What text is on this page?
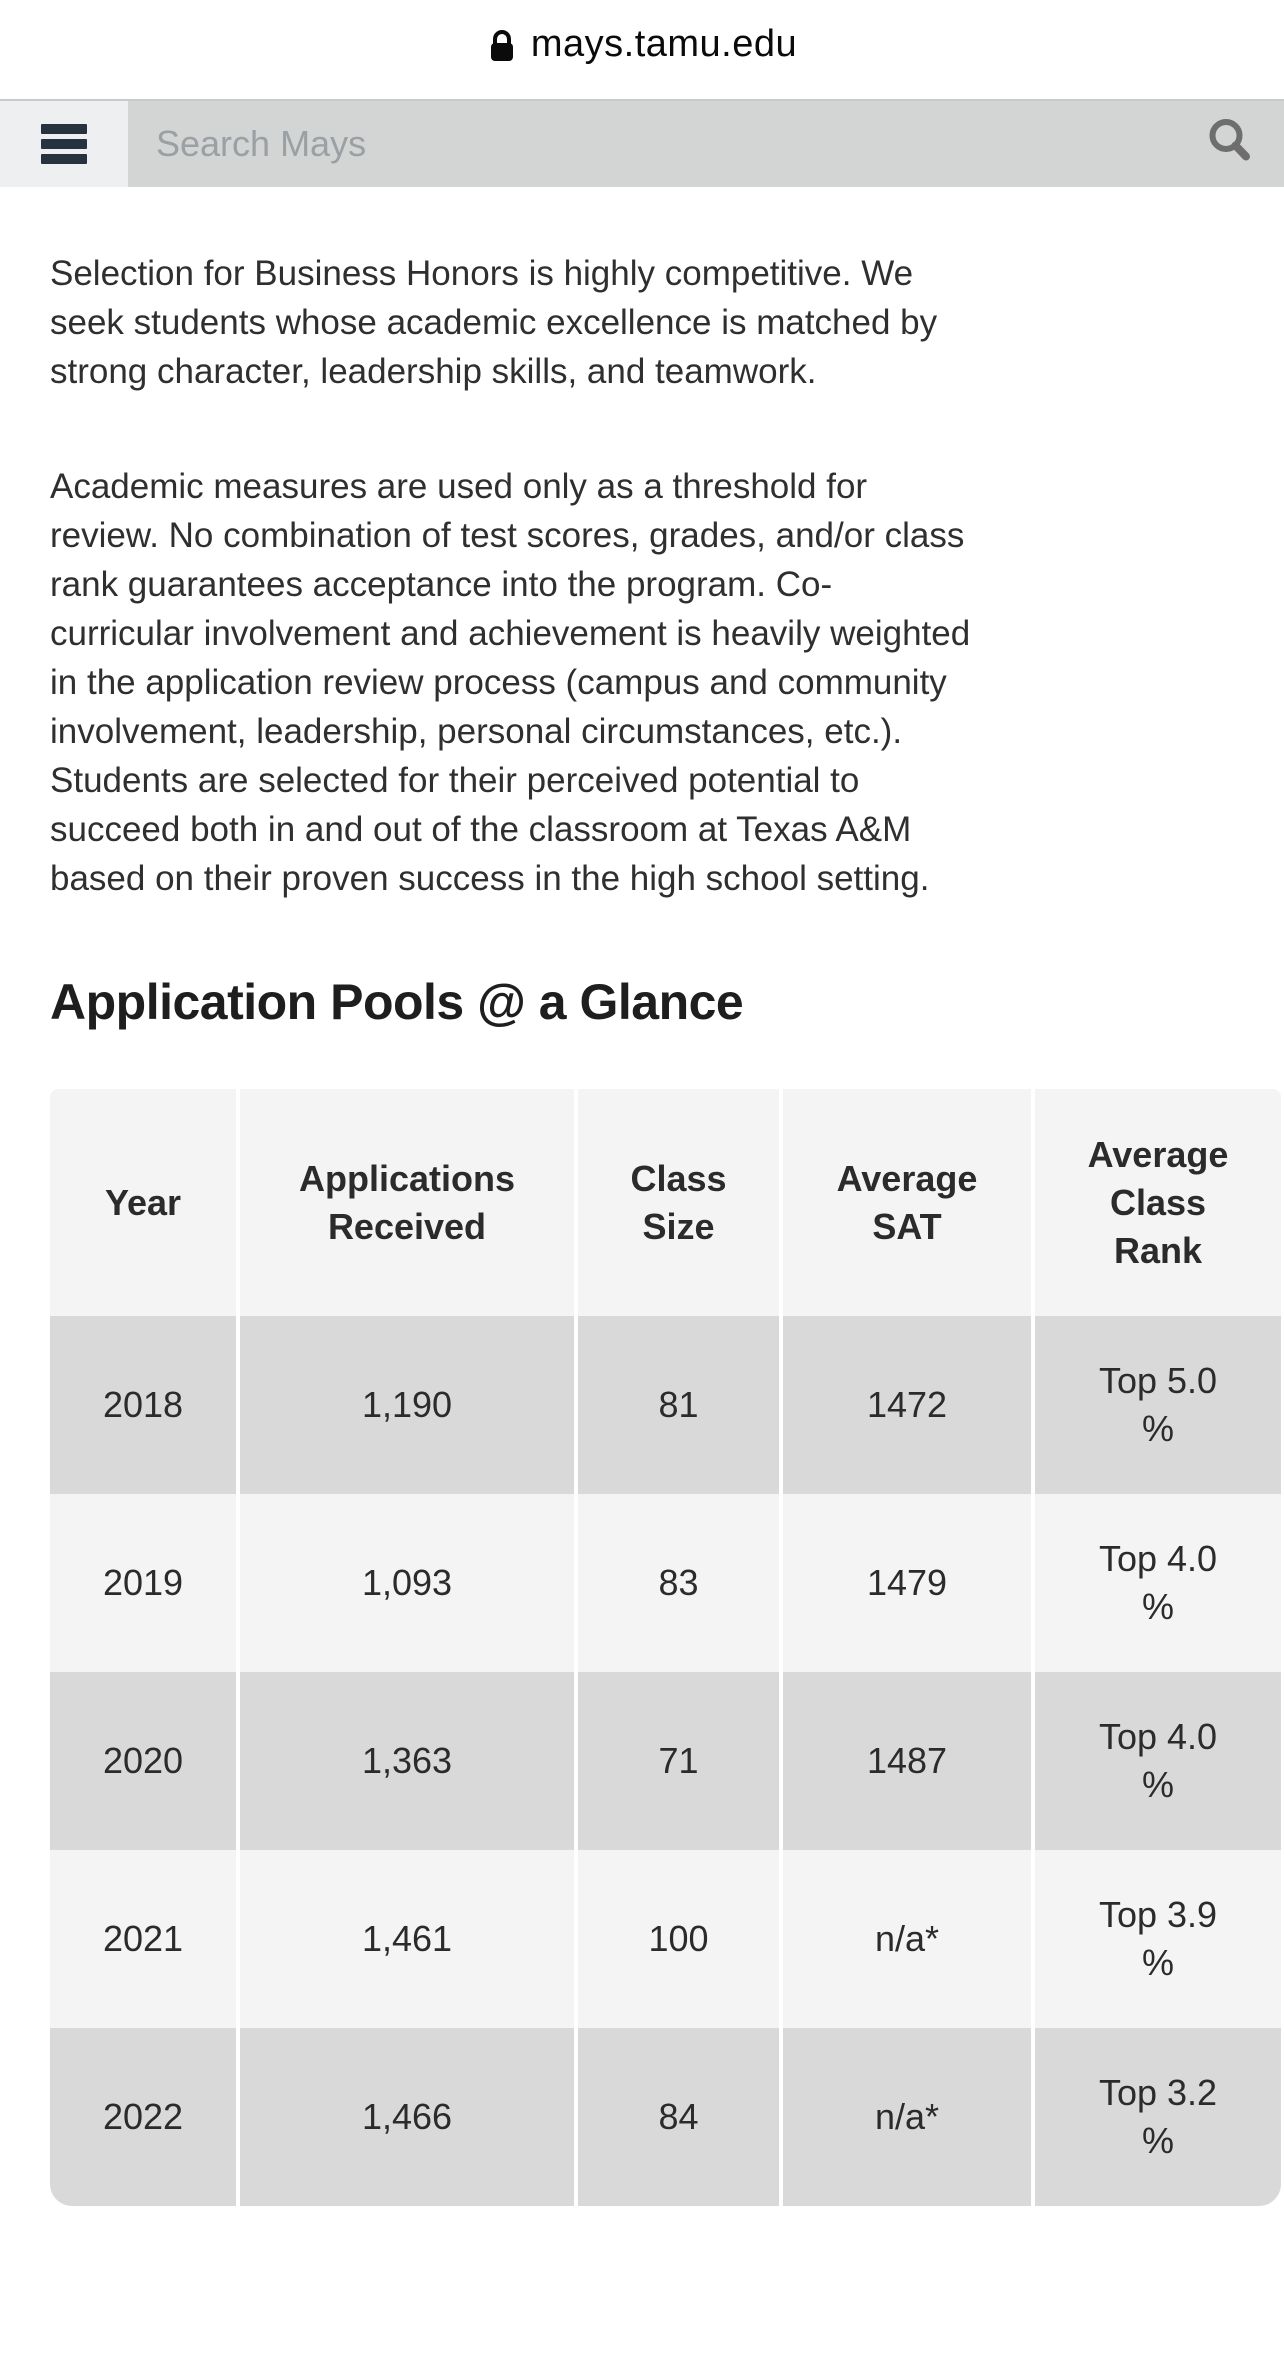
mays.tamu.edu
Search Mays

Selection for Business Honors is highly competitive. We seek students whose academic excellence is matched by strong character, leadership skills, and teamwork.

Academic measures are used only as a threshold for review. No combination of test scores, grades, and/or class rank guarantees acceptance into the program. Co-curricular involvement and achievement is heavily weighted in the application review process (campus and community involvement, leadership, personal circumstances, etc.). Students are selected for their perceived potential to succeed both in and out of the classroom at Texas A&M based on their proven success in the high school setting.

Application Pools @ a Glance
Year	Applications Received	Class Size	Average SAT	Average Class Rank
2018	1,190	81	1472	Top 5.0 %
2019	1,093	83	1479	Top 4.0 %
2020	1,363	71	1487	Top 4.0 %
2021	1,461	100	n/a*	Top 3.9 %
2022	1,466	84	n/a*	Top 3.2 %
